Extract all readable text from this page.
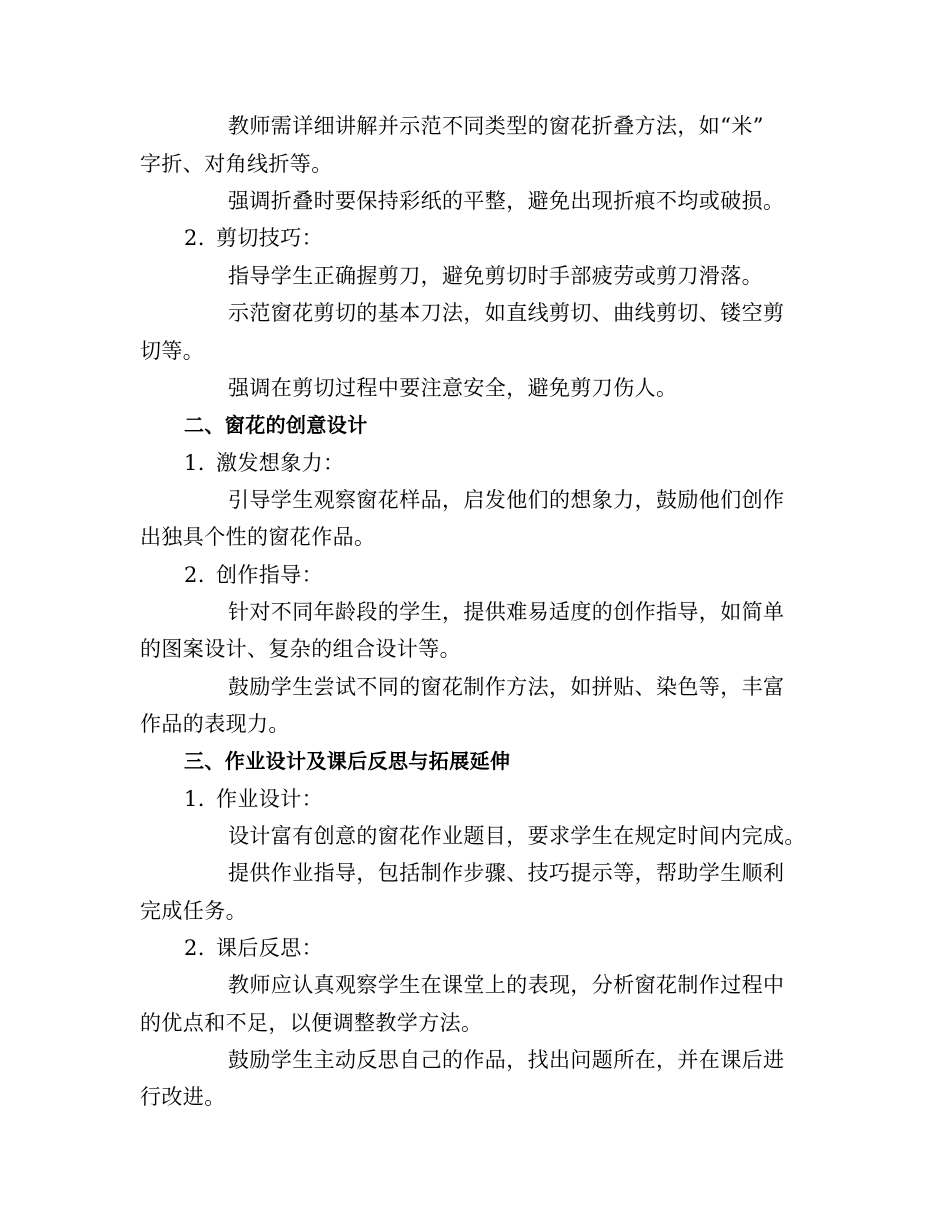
教师需详细讲解并示范不同类型的窗花折叠方法，如“米”
字折、对角线折等。
强调折叠时要保持彩纸的平整，避免出现折痕不均或破损。
2. 剪切技巧：
指导学生正确握剪刀，避免剪切时手部疲劳或剪刀滑落。
示范窗花剪切的基本刀法，如直线剪切、曲线剪切、镂空剪
切等。
强调在剪切过程中要注意安全，避免剪刀伤人。
二、窗花的创意设计
1. 激发想象力：
引导学生观察窗花样品，启发他们的想象力，鼓励他们创作
出独具个性的窗花作品。
2. 创作指导：
针对不同年龄段的学生，提供难易适度的创作指导，如简单
的图案设计、复杂的组合设计等。
鼓励学生尝试不同的窗花制作方法，如拼贴、染色等，丰富
作品的表现力。
三、作业设计及课后反思与拓展延伸
1. 作业设计：
设计富有创意的窗花作业题目，要求学生在规定时间内完成。
提供作业指导，包括制作步骤、技巧提示等，帮助学生顺利
完成任务。
2. 课后反思：
教师应认真观察学生在课堂上的表现，分析窗花制作过程中
的优点和不足，以便调整教学方法。
鼓励学生主动反思自己的作品，找出问题所在，并在课后进
行改进。
